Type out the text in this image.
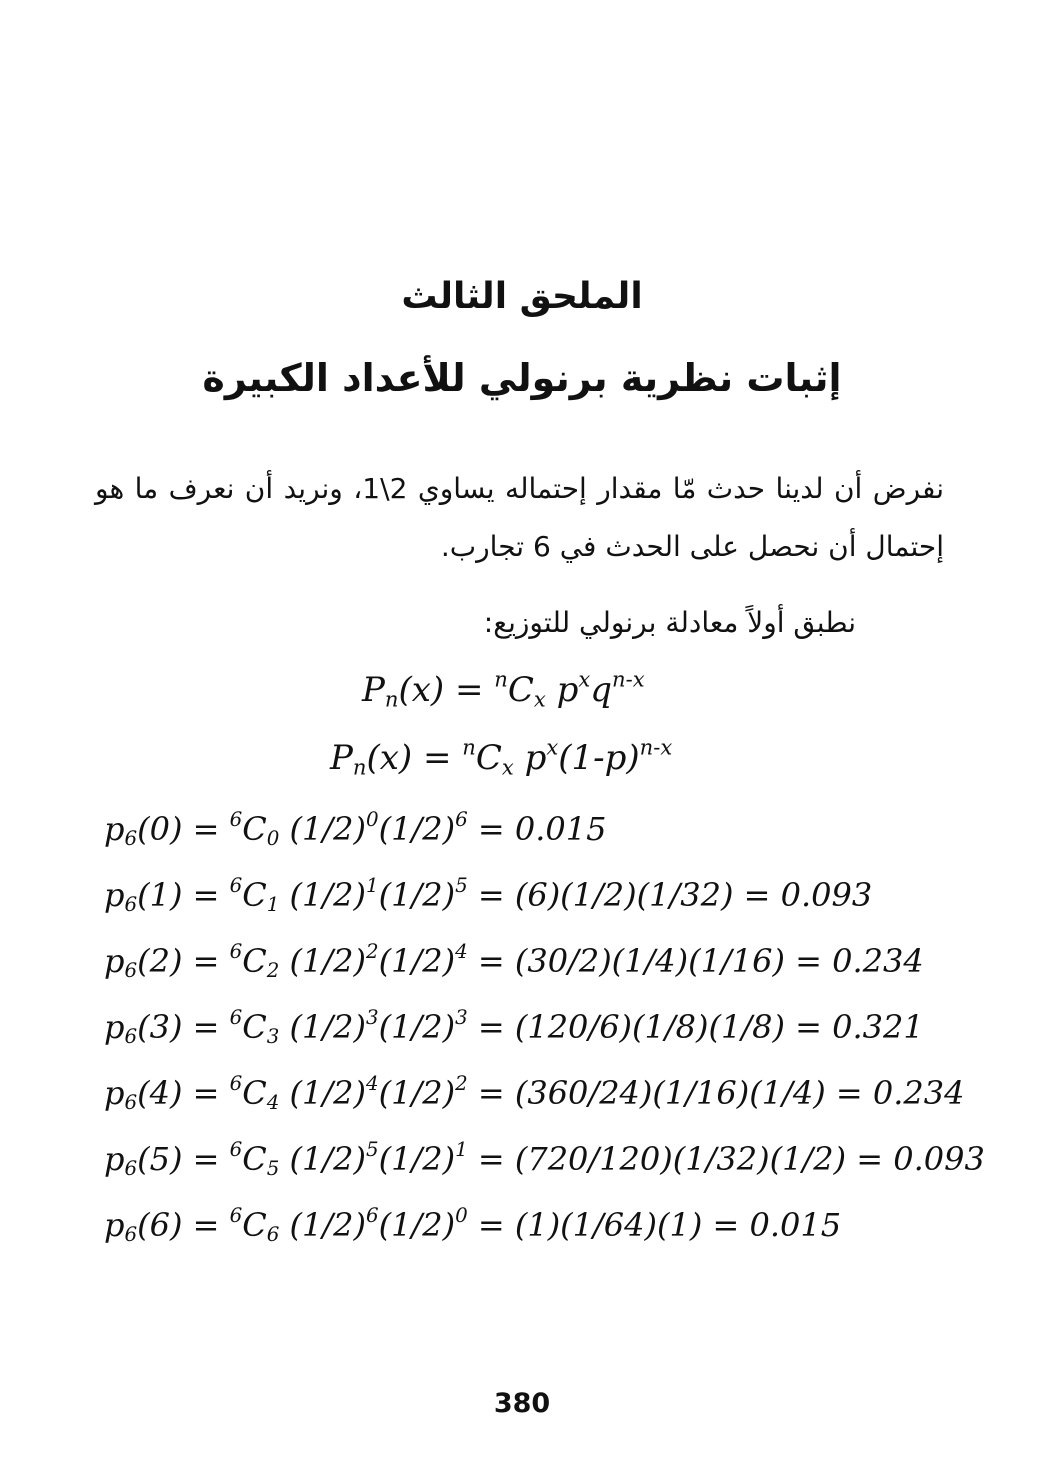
الملحق الثالث
إثبات نظرية برنولي للأعداد الكبيرة
نفرض أن لدينا حدث مّا مقدار إحتماله يساوي 2\1، ونريد أن نعرف ما هو إحتمال أن نحصل على الحدث في 6 تجارب.
نطبق أولاً معادلة برنولي للتوزيع:
$P_n(x) = ^nC_x$ $p^xq^{n-x}$
$P_n(x) = ^nC_x$ $p^x(1-p)^{n-x}$
$p_6(0) = ^6C_0$ $(1/2)^0(1/2)^6 = 0.015$
$p_6(1) = ^6C_1$ $(1/2)^1(1/2)^5 = (6)(1/2)(1/32) = 0.093$
$p_6(2) = ^6C_2$ $(1/2)^2(1/2)^4 = (30/2)(1/4)(1/16) = 0.234$
$p_6(3) = ^6C_3$ $(1/2)^3(1/2)^3 = (120/6)(1/8)(1/8) = 0.321$
$p_6(4) = ^6C_4$ $(1/2)^4(1/2)^2 = (360/24)(1/16)(1/4) = 0.234$
$p_6(5) = ^6C_5$ $(1/2)^5(1/2)^1 = (720/120)(1/32)(1/2) = 0.093$
$p_6(6) = ^6C_6$ $(1/2)^6(1/2)^0 = (1)(1/64)(1) = 0.015$
380
